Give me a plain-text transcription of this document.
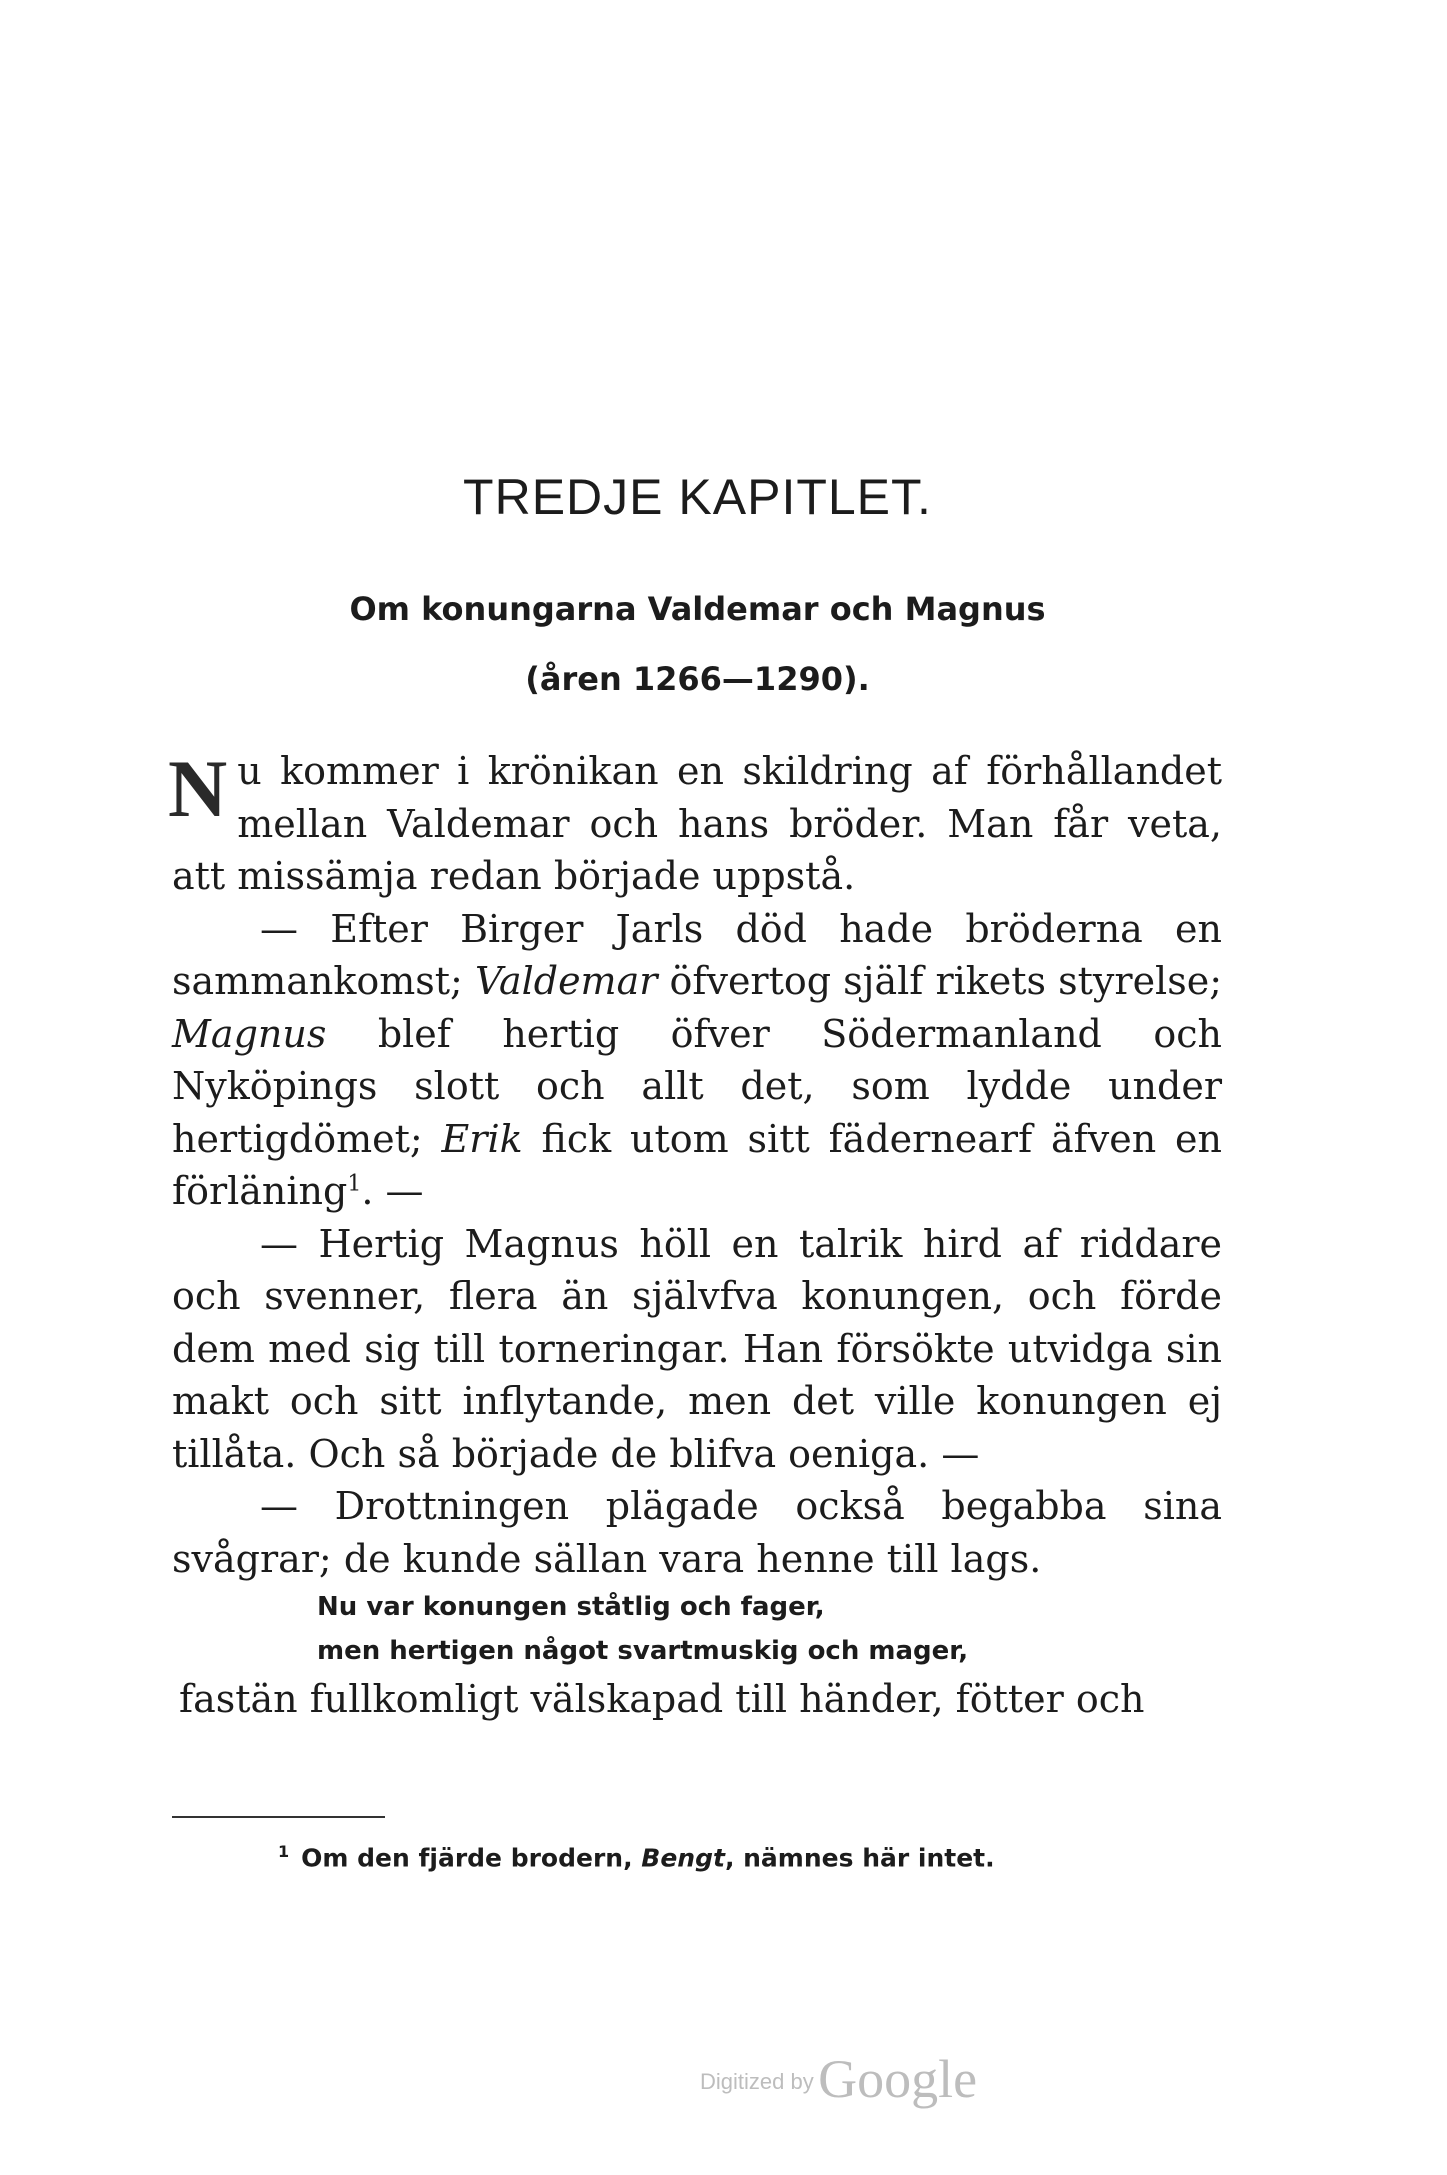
TREDJE KAPITLET.
Om konungarna Valdemar och Magnus
(åren 1266—1290).

Nu kommer i krönikan en skildring af förhållandet mellan Valdemar och hans bröder. Man får veta, att missämja redan började uppstå.

— Efter Birger Jarls död hade bröderna en sammankomst; Valdemar öfvertog själf rikets styrelse; Magnus blef hertig öfver Södermanland och Nyköpings slott och allt det, som lydde under hertigdömet; Erik fick utom sitt fädernearf äfven en förläning$^1$. —

— Hertig Magnus höll en talrik hird af riddare och svenner, flera än självfva konungen, och förde dem med sig till torneringar. Han försökte utvidga sin makt och sitt inflytande, men det ville konungen ej tillåta. Och så började de blifva oeniga. —

— Drottningen plägade också begabba sina svågrar; de kunde sällan vara henne till lags.

Nu var konungen ståtlig och fager,
men hertigen något svartmuskig och mager,

fastän fullkomligt välskapad till händer, fötter och

$^1$ Om den fjärde brodern, Bengt, nämnes här intet.
Digitized by Google
